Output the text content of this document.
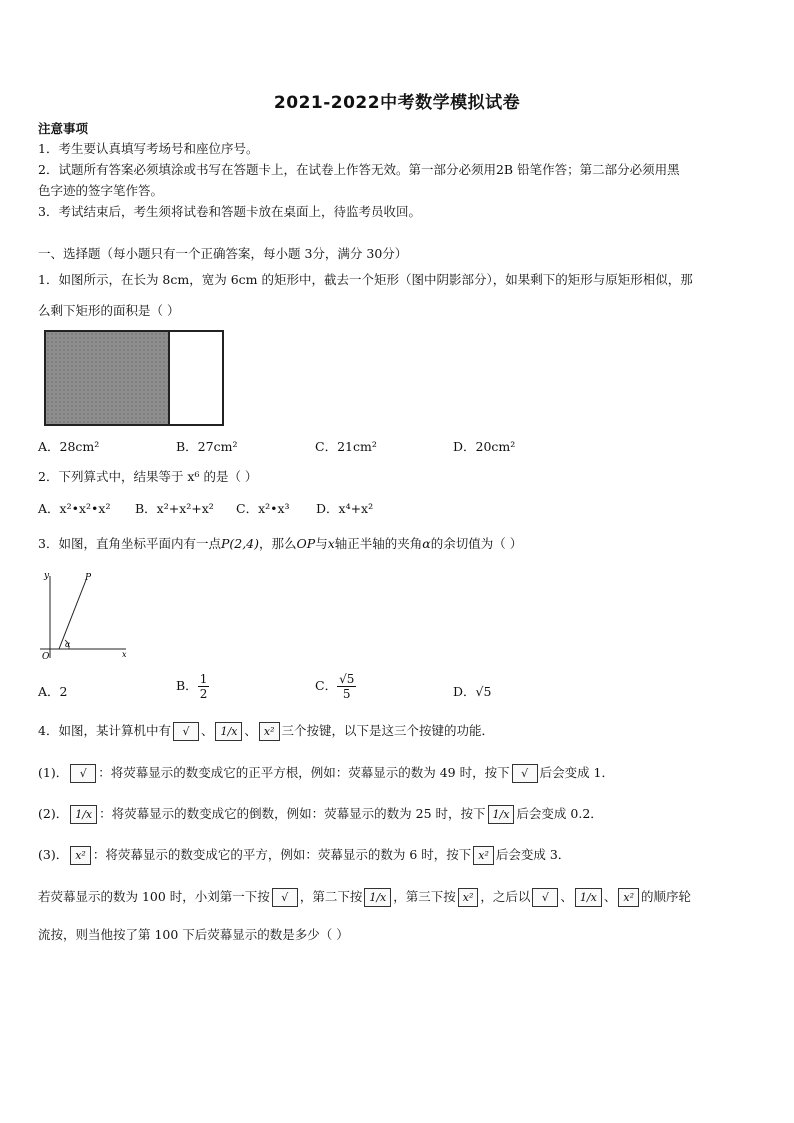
2021-2022中考数学模拟试卷
注意事项
1．考生要认真填写考场号和座位序号。
2．试题所有答案必须填涂或书写在答题卡上，在试卷上作答无效。第一部分必须用2B 铅笔作答；第二部分必须用黑
色字迹的签字笔作答。
3．考试结束后，考生须将试卷和答题卡放在桌面上，待监考员收回。
一、选择题（每小题只有一个正确答案，每小题 3分，满分 30分）
1．如图所示，在长为 8cm，宽为 6cm 的矩形中，截去一个矩形（图中阴影部分），如果剩下的矩形与原矩形相似，那
么剩下矩形的面积是（ ）
A．28cm²	B．27cm²	C．21cm²	D．20cm²
2．下列算式中，结果等于 x⁶ 的是（ ）
A．x²•x²•x² B．x²+x²+x² C．x²•x³ D．x⁴+x²
3．如图，直角坐标平面内有一点P(2,4)，那么OP与x轴正半轴的夹角α的余切值为（ ）
y	P
O	x
α
A．2	B． $\frac{1}{2}$	C． $\frac{√5}{5}$	D．√5
4．如图，某计算机中有 √ 、 1/x 、 x² 三个按键，以下是这三个按键的功能．
(1)． √ ：将荧幕显示的数变成它的正平方根，例如：荧幕显示的数为 49 时，按下 √ 后会变成 1．
(2)． 1/x ：将荧幕显示的数变成它的倒数，例如：荧幕显示的数为 25 时，按下 1/x 后会变成 0.2．
(3)． x² ：将荧幕显示的数变成它的平方，例如：荧幕显示的数为 6 时，按下 x² 后会变成 3．
若荧幕显示的数为 100 时，小刘第一下按 √ ，第二下按 1/x ，第三下按 x² ，之后以 √ 、 1/x 、 x² 的顺序轮
流按，则当他按了第 100 下后荧幕显示的数是多少（ ）
